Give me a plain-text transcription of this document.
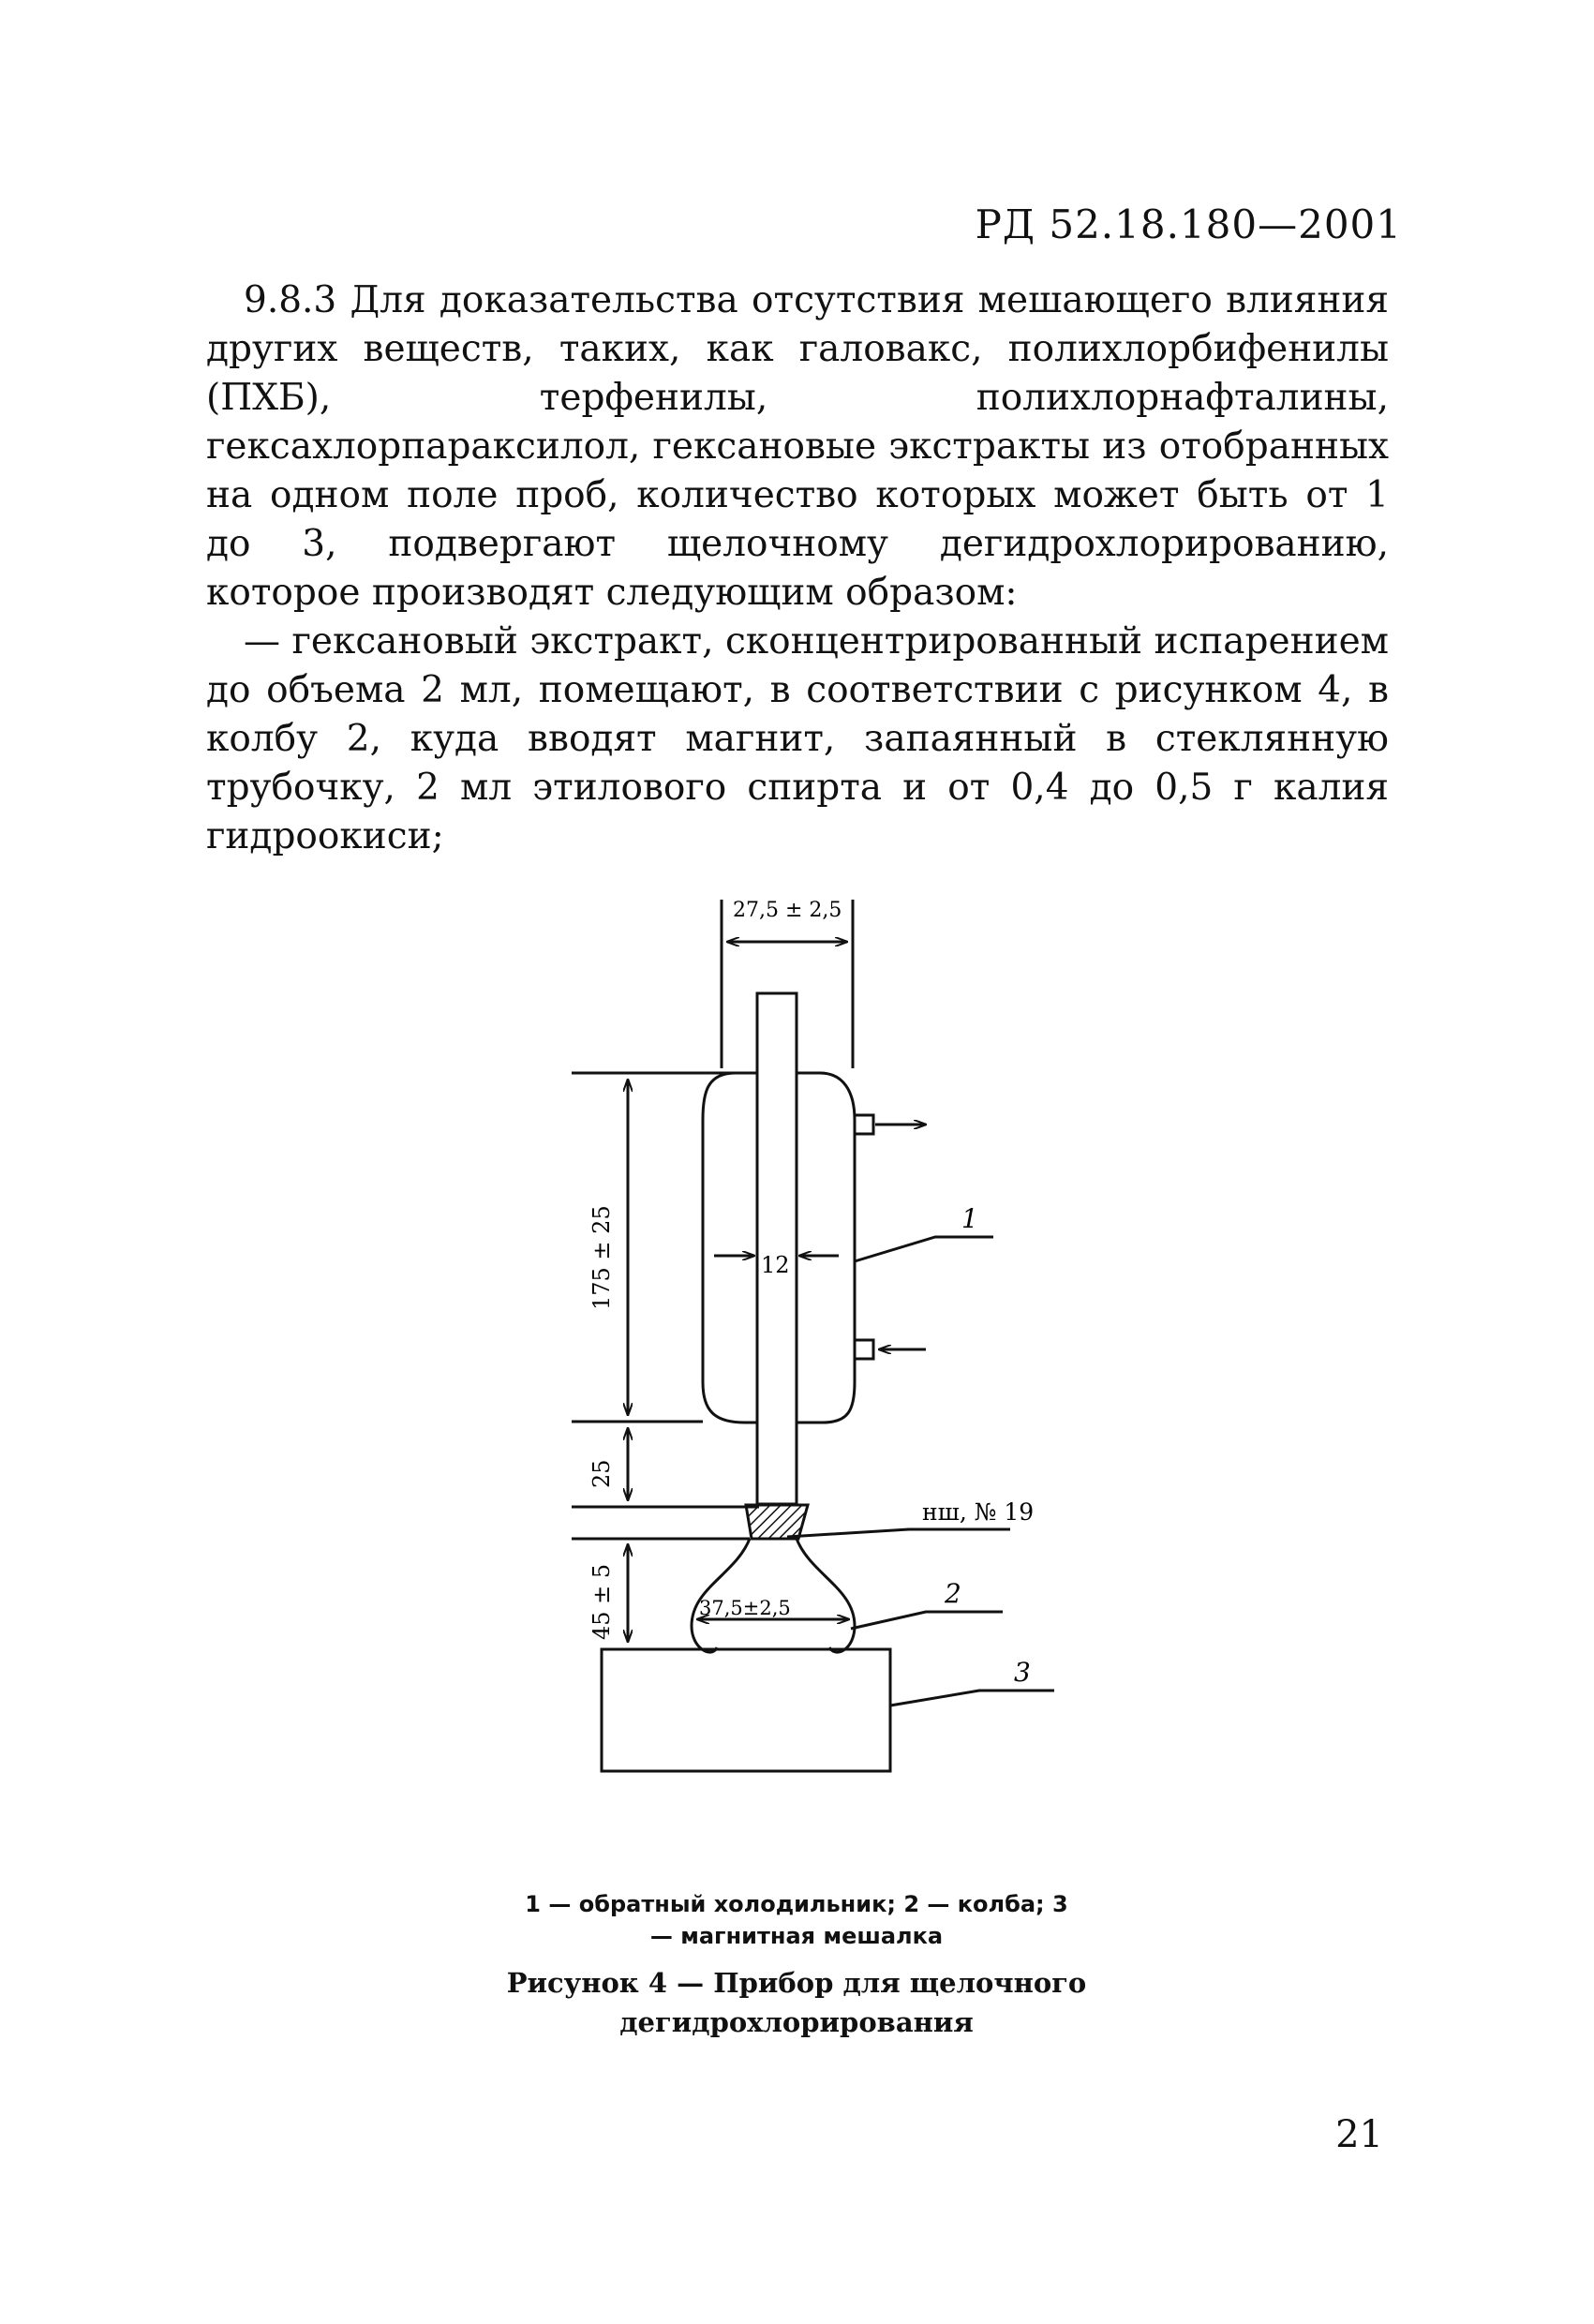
РД 52.18.180—2001

9.8.3 Для доказательства отсутствия мешающего влияния других веществ, таких, как галовакс, полихлорбифенилы (ПХБ), терфенилы, полихлорнафталины, гексахлорпараксилол, гексановые экстракты из отобранных на одном поле проб, количество которых может быть от 1 до 3, подвергают щелочному дегидрохлорированию, которое производят следующим образом:

— гексановый экстракт, сконцентрированный испарением до объема 2 мл, помещают, в соответствии с рисунком 4, в колбу 2, куда вводят магнит, запаянный в стеклянную трубочку, 2 мл этилового спирта и от 0,4 до 0,5 г калия гидроокиси;

27,5 ± 2,5
175 ± 25	12
25
45 ± 5	37,5±2,5
нш, № 19
1
2
3
1 — обратный холодильник; 2 — колба; 3
— магнитная мешалка
Рисунок 4 — Прибор для щелочного
дегидрохлорирования
21
